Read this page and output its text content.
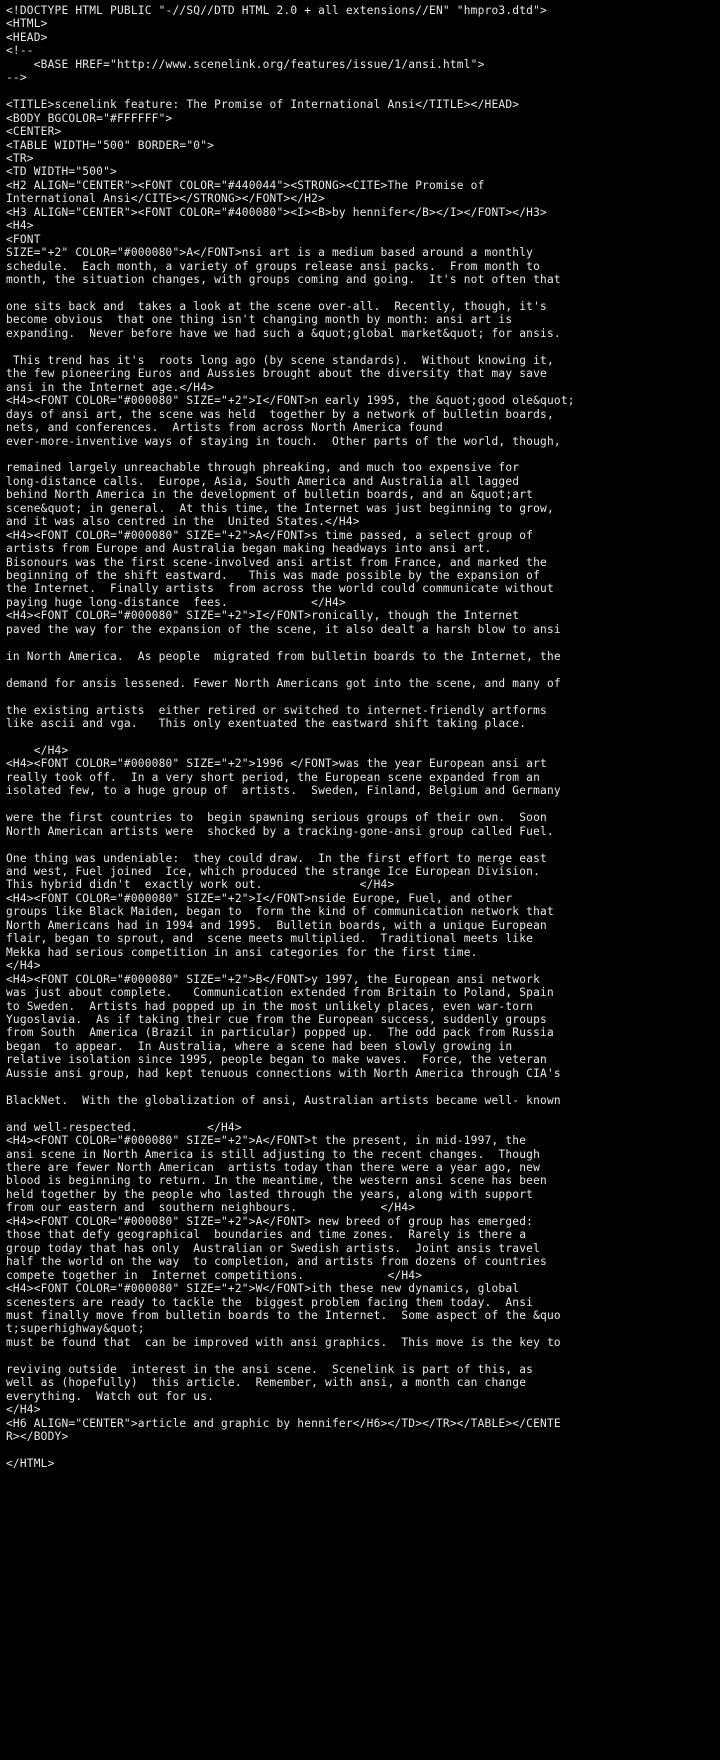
<!DOCTYPE HTML PUBLIC "-//SQ//DTD HTML 2.0 + all extensions//EN" "hmpro3.dtd">
<HTML>
<HEAD>
<!--
<BASE HREF="http://www.scenelink.org/features/issue/1/ansi.html">
-->

<TITLE>scenelink feature: The Promise of International Ansi</TITLE></HEAD>
<BODY BGCOLOR="#FFFFFF">
<CENTER>
<TABLE WIDTH="500" BORDER="0">
<TR>
<TD WIDTH="500">
<H2 ALIGN="CENTER"><FONT COLOR="#440044"><STRONG><CITE>The Promise of
International Ansi</CITE></STRONG></FONT></H2>
<H3 ALIGN="CENTER"><FONT COLOR="#400080"><I><B>by hennifer</B></I></FONT></H3>
<H4>
<FONT
SIZE="+2" COLOR="#000080">A</FONT>nsi art is a medium based around a monthly
schedule.  Each month, a variety of groups release ansi packs.  From month to
month, the situation changes, with groups coming and going.  It's not often that

one sits back and  takes a look at the scene over-all.  Recently, though, it's
become obvious  that one thing isn't changing month by month: ansi art is
expanding.  Never before have we had such a &quot;global market&quot; for ansis.

This trend has it's  roots long ago (by scene standards).  Without knowing it,
the few pioneering Euros and Aussies brought about the diversity that may save
ansi in the Internet age.</H4>
<H4><FONT COLOR="#000080" SIZE="+2">I</FONT>n early 1995, the &quot;good ole&quot;
days of ansi art, the scene was held  together by a network of bulletin boards,
nets, and conferences.  Artists from across North America found
ever-more-inventive ways of staying in touch.  Other parts of the world, though,

remained largely unreachable through phreaking, and much too expensive for
long-distance calls.  Europe, Asia, South America and Australia all lagged
behind North America in the development of bulletin boards, and an &quot;art
scene&quot; in general.  At this time, the Internet was just beginning to grow,
and it was also centred in the  United States.</H4>
<H4><FONT COLOR="#000080" SIZE="+2">A</FONT>s time passed, a select group of
artists from Europe and Australia began making headways into ansi art.
Bisonours was the first scene-involved ansi artist from France, and marked the
beginning of the shift eastward.   This was made possible by the expansion of
the Internet.  Finally artists  from across the world could communicate without
paying huge long-distance  fees.            </H4>
<H4><FONT COLOR="#000080" SIZE="+2">I</FONT>ronically, though the Internet
paved the way for the expansion of the scene, it also dealt a harsh blow to ansi

in North America.  As people  migrated from bulletin boards to the Internet, the

demand for ansis lessened. Fewer North Americans got into the scene, and many of

the existing artists  either retired or switched to internet-friendly artforms
like ascii and vga.   This only exentuated the eastward shift taking place.

</H4>
<H4><FONT COLOR="#000080" SIZE="+2">1996 </FONT>was the year European ansi art
really took off.  In a very short period, the European scene expanded from an
isolated few, to a huge group of  artists.  Sweden, Finland, Belgium and Germany

were the first countries to  begin spawning serious groups of their own.  Soon
North American artists were  shocked by a tracking-gone-ansi group called Fuel.

One thing was undeniable:  they could draw.  In the first effort to merge east
and west, Fuel joined  Ice, which produced the strange Ice European Division.
This hybrid didn't  exactly work out.              </H4>
<H4><FONT COLOR="#000080" SIZE="+2">I</FONT>nside Europe, Fuel, and other
groups like Black Maiden, began to  form the kind of communication network that
North Americans had in 1994 and 1995.  Bulletin boards, with a unique European
flair, began to sprout, and  scene meets multiplied.  Traditional meets like
Mekka had serious competition in ansi categories for the first time.
</H4>
<H4><FONT COLOR="#000080" SIZE="+2">B</FONT>y 1997, the European ansi network
was just about complete.   Communication extended from Britain to Poland, Spain
to Sweden.  Artists had popped up in the most unlikely places, even war-torn
Yugoslavia.  As if taking their cue from the European success, suddenly groups
from South  America (Brazil in particular) popped up.  The odd pack from Russia
began  to appear.  In Australia, where a scene had been slowly growing in
relative isolation since 1995, people began to make waves.  Force, the veteran
Aussie ansi group, had kept tenuous connections with North America through CIA's

BlackNet.  With the globalization of ansi, Australian artists became well- known

and well-respected.          </H4>
<H4><FONT COLOR="#000080" SIZE="+2">A</FONT>t the present, in mid-1997, the
ansi scene in North America is still adjusting to the recent changes.  Though
there are fewer North American  artists today than there were a year ago, new
blood is beginning to return. In the meantime, the western ansi scene has been
held together by the people who lasted through the years, along with support
from our eastern and  southern neighbours.            </H4>
<H4><FONT COLOR="#000080" SIZE="+2">A</FONT> new breed of group has emerged:
those that defy geographical  boundaries and time zones.  Rarely is there a
group today that has only  Australian or Swedish artists.  Joint ansis travel
half the world on the way  to completion, and artists from dozens of countries
compete together in  Internet competitions.            </H4>
<H4><FONT COLOR="#000080" SIZE="+2">W</FONT>ith these new dynamics, global
scenesters are ready to tackle the  biggest problem facing them today.  Ansi
must finally move from bulletin boards to the Internet.  Some aspect of the &quo
t;superhighway&quot;
must be found that  can be improved with ansi graphics.  This move is the key to

reviving outside  interest in the ansi scene.  Scenelink is part of this, as
well as (hopefully)  this article.  Remember, with ansi, a month can change
everything.  Watch out for us.
</H4>
<H6 ALIGN="CENTER">article and graphic by hennifer</H6></TD></TR></TABLE></CENTE
R></BODY>

</HTML>
